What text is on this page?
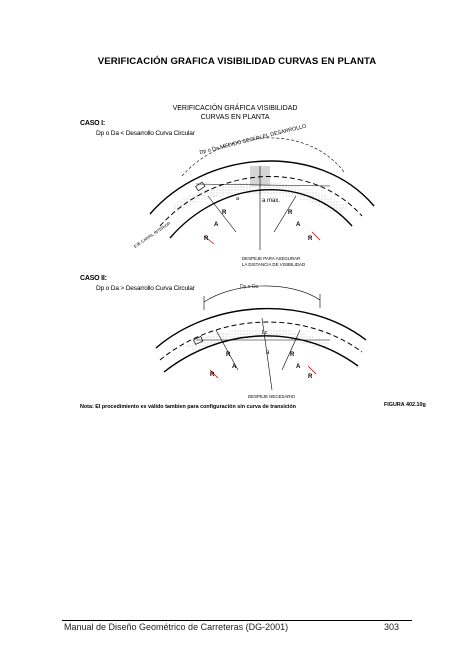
VERIFICACIÓN GRAFICA VISIBILIDAD CURVAS EN PLANTA
VERIFICACIÓN GRÁFICA VISIBILIDAD
CURVAS EN PLANTA
CASO I:
Dp o Da < Desarrollo Curva Circular
CASO II:
Dp o Da > Desarrollo Curva Circular
Dp o Da MEDIDO SEGÚN EL DESARROLLO
EJE CARRIL INTERIOR
a max.
a
R
A
R
R
A
R
DESPEJE PARA ASEGURAR
LA DISTANCIA DE VISIBILIDAD
Dp o Da
Lc
a
R
A
R
R
A
R
DESPEJE NECESARIO
Nota: El procedimiento es válido tambien para configuración sin curva de transición	FIGURA 402.10g
Manual de Diseño Geométrico de Carreteras (DG-2001)	303
